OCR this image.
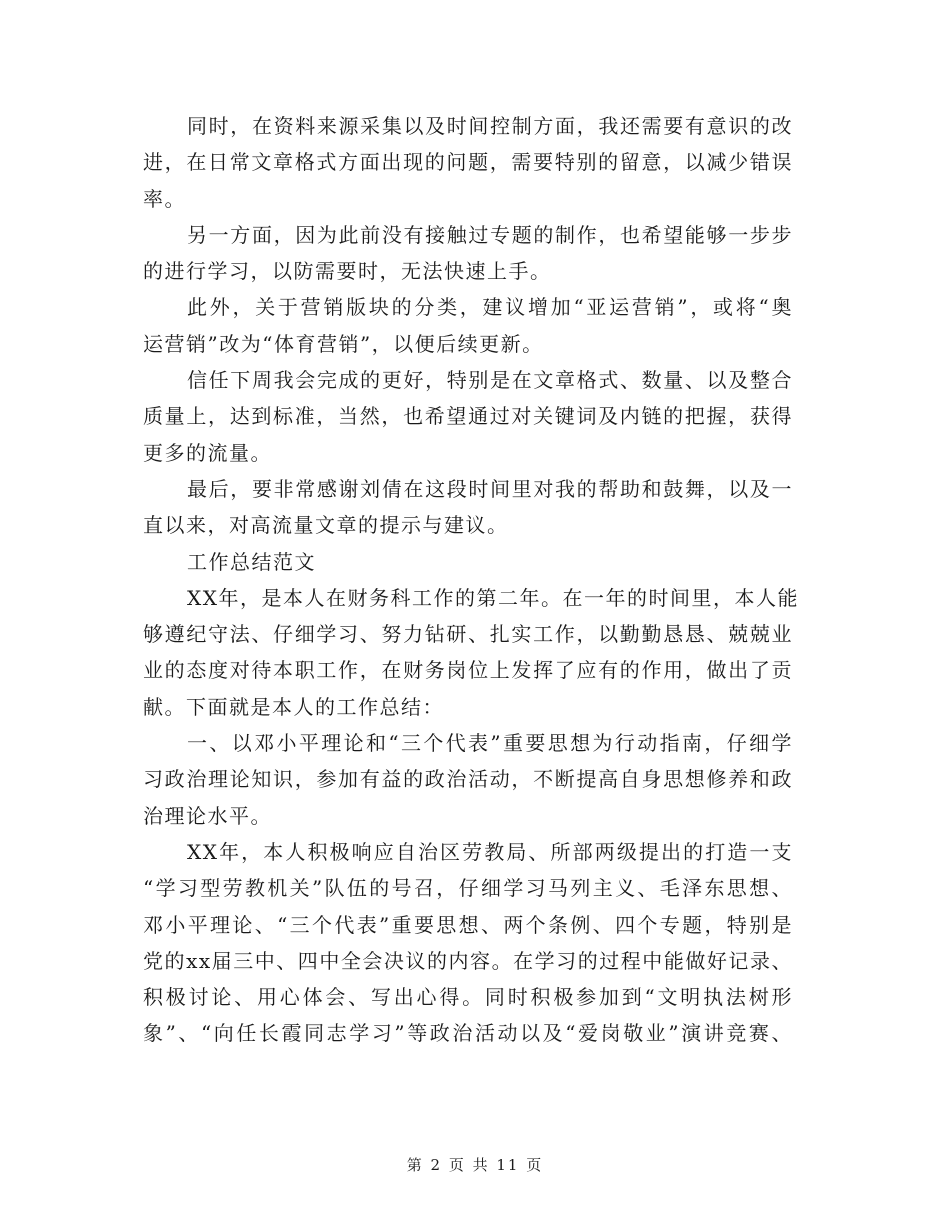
同时，在资料来源采集以及时间控制方面，我还需要有意识的改
进，在日常文章格式方面出现的问题，需要特别的留意，以减少错误
率。
另一方面，因为此前没有接触过专题的制作，也希望能够一步步
的进行学习，以防需要时，无法快速上手。
此外，关于营销版块的分类，建议增加“亚运营销”，或将“奥
运营销”改为“体育营销”，以便后续更新。
信任下周我会完成的更好，特别是在文章格式、数量、以及整合
质量上，达到标准，当然，也希望通过对关键词及内链的把握，获得
更多的流量。
最后，要非常感谢刘倩在这段时间里对我的帮助和鼓舞，以及一
直以来，对高流量文章的提示与建议。
工作总结范文
XX年，是本人在财务科工作的第二年。在一年的时间里，本人能
够遵纪守法、仔细学习、努力钻研、扎实工作，以勤勤恳恳、兢兢业
业的态度对待本职工作，在财务岗位上发挥了应有的作用，做出了贡
献。下面就是本人的工作总结：
一、以邓小平理论和“三个代表”重要思想为行动指南，仔细学
习政治理论知识，参加有益的政治活动，不断提高自身思想修养和政
治理论水平。
XX年，本人积极响应自治区劳教局、所部两级提出的打造一支
“学习型劳教机关”队伍的号召，仔细学习马列主义、毛泽东思想、
邓小平理论、“三个代表”重要思想、两个条例、四个专题，特别是
党的xx届三中、四中全会决议的内容。在学习的过程中能做好记录、
积极讨论、用心体会、写出心得。同时积极参加到“文明执法树形
象”、“向任长霞同志学习”等政治活动以及“爱岗敬业”演讲竞赛、
第 2 页 共 11 页
